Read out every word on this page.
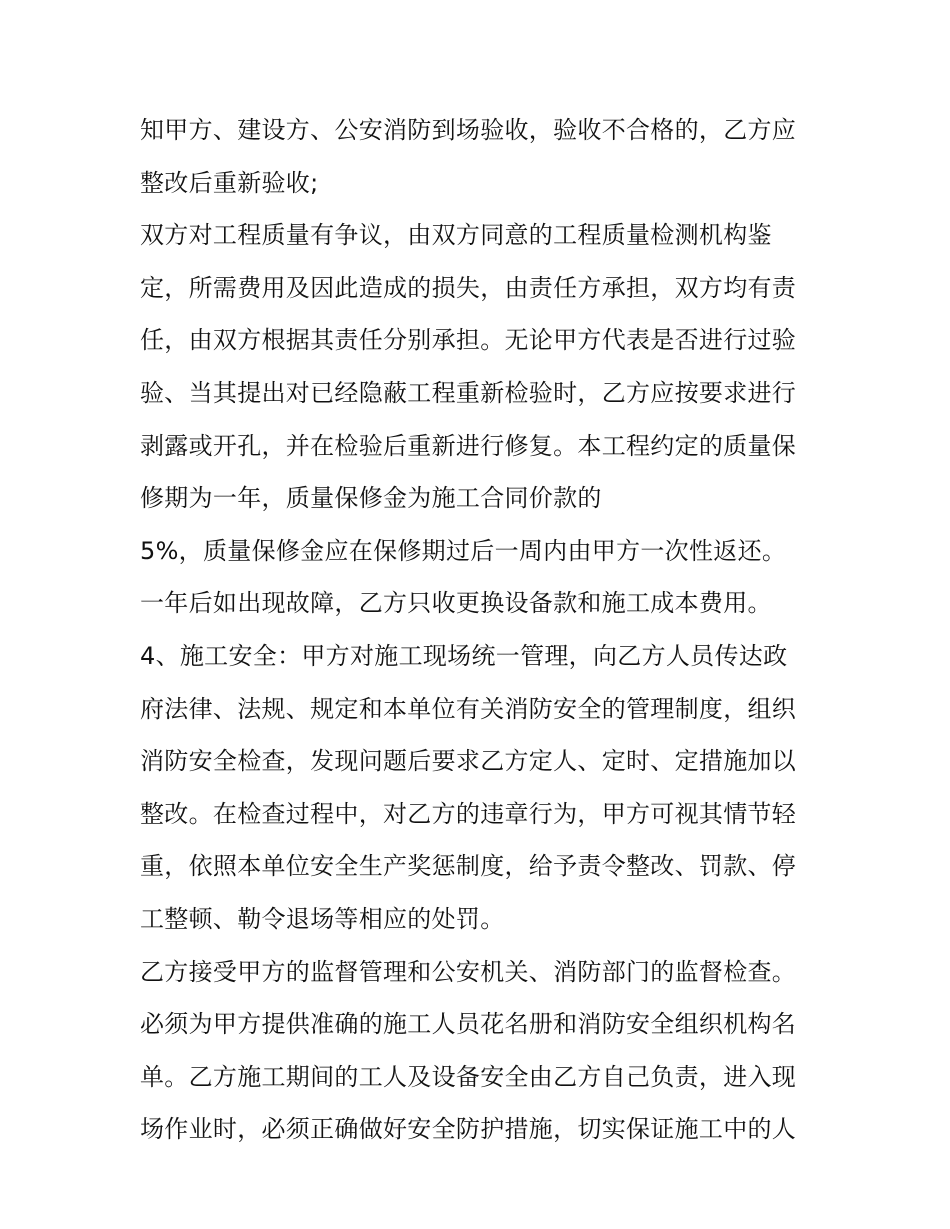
知甲方、建设方、公安消防到场验收，验收不合格的，乙方应
整改后重新验收;
双方对工程质量有争议，由双方同意的工程质量检测机构鉴
定，所需费用及因此造成的损失，由责任方承担，双方均有责
任，由双方根据其责任分别承担。无论甲方代表是否进行过验
验、当其提出对已经隐蔽工程重新检验时，乙方应按要求进行
剥露或开孔，并在检验后重新进行修复。本工程约定的质量保
修期为一年，质量保修金为施工合同价款的
5%，质量保修金应在保修期过后一周内由甲方一次性返还。
一年后如出现故障，乙方只收更换设备款和施工成本费用。
4、施工安全：甲方对施工现场统一管理，向乙方人员传达政
府法律、法规、规定和本单位有关消防安全的管理制度，组织
消防安全检查，发现问题后要求乙方定人、定时、定措施加以
整改。在检查过程中，对乙方的违章行为，甲方可视其情节轻
重，依照本单位安全生产奖惩制度，给予责令整改、罚款、停
工整顿、勒令退场等相应的处罚。
乙方接受甲方的监督管理和公安机关、消防部门的监督检查。
必须为甲方提供准确的施工人员花名册和消防安全组织机构名
单。乙方施工期间的工人及设备安全由乙方自己负责，进入现
场作业时，必须正确做好安全防护措施，切实保证施工中的人
